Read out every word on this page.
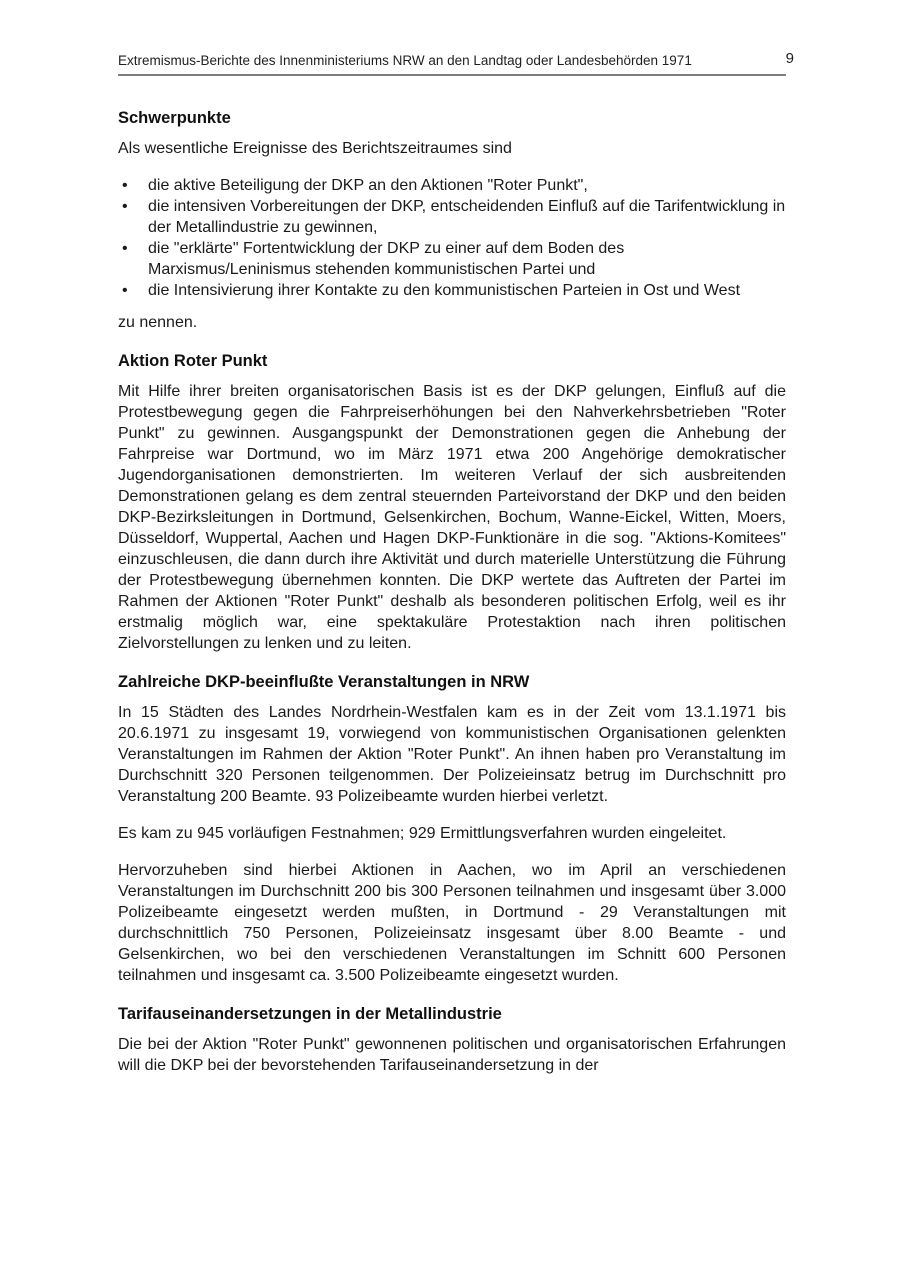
Extremismus-Berichte des Innenministeriums NRW an den Landtag oder Landesbehörden 1971	9
Schwerpunkte

Als wesentliche Ereignisse des Berichtszeitraumes sind

•	die aktive Beteiligung der DKP an den Aktionen "Roter Punkt",
•	die intensiven Vorbereitungen der DKP, entscheidenden Einfluß auf die Tarifentwicklung in der Metallindustrie zu gewinnen,
•	die "erklärte" Fortentwicklung der DKP zu einer auf dem Boden des Marxismus/Leninismus stehenden kommunistischen Partei und
•	die Intensivierung ihrer Kontakte zu den kommunistischen Parteien in Ost und West

zu nennen.

Aktion Roter Punkt

Mit Hilfe ihrer breiten organisatorischen Basis ist es der DKP gelungen, Einfluß auf die Protestbewegung gegen die Fahrpreiserhöhungen bei den Nahverkehrsbetrieben "Roter Punkt" zu gewinnen. Ausgangspunkt der Demonstrationen gegen die Anhebung der Fahrpreise war Dortmund, wo im März 1971 etwa 200 Angehörige demokratischer Jugendorganisationen demonstrierten. Im weiteren Verlauf der sich ausbreitenden Demonstrationen gelang es dem zentral steuernden Parteivorstand der DKP und den beiden DKP-Bezirksleitungen in Dortmund, Gelsenkirchen, Bochum, Wanne-Eickel, Witten, Moers, Düsseldorf, Wuppertal, Aachen und Hagen DKP-Funktionäre in die sog. "Aktions-Komitees" einzuschleusen, die dann durch ihre Aktivität und durch materielle Unterstützung die Führung der Protestbewegung übernehmen konnten. Die DKP wertete das Auftreten der Partei im Rahmen der Aktionen "Roter Punkt" deshalb als besonderen politischen Erfolg, weil es ihr erstmalig möglich war, eine spektakuläre Protestaktion nach ihren politischen Zielvorstellungen zu lenken und zu leiten.

Zahlreiche DKP-beeinflußte Veranstaltungen in NRW

In 15 Städten des Landes Nordrhein-Westfalen kam es in der Zeit vom 13.1.1971 bis 20.6.1971 zu insgesamt 19, vorwiegend von kommunistischen Organisationen gelenkten Veranstaltungen im Rahmen der Aktion "Roter Punkt". An ihnen haben pro Veranstaltung im Durchschnitt 320 Personen teilgenommen. Der Polizeieinsatz betrug im Durchschnitt pro Veranstaltung 200 Beamte. 93 Polizeibeamte wurden hierbei verletzt.

Es kam zu 945 vorläufigen Festnahmen; 929 Ermittlungsverfahren wurden eingeleitet.

Hervorzuheben sind hierbei Aktionen in Aachen, wo im April an verschiedenen Veranstaltungen im Durchschnitt 200 bis 300 Personen teilnahmen und insgesamt über 3.000 Polizeibeamte eingesetzt werden mußten, in Dortmund - 29 Veranstaltungen mit durchschnittlich 750 Personen, Polizeieinsatz insgesamt über 8.00 Beamte - und Gelsenkirchen, wo bei den verschiedenen Veranstaltungen im Schnitt 600 Personen teilnahmen und insgesamt ca. 3.500 Polizeibeamte eingesetzt wurden.

Tarifauseinandersetzungen in der Metallindustrie

Die bei der Aktion "Roter Punkt" gewonnenen politischen und organisatorischen Erfahrungen will die DKP bei der bevorstehenden Tarifauseinandersetzung in der
